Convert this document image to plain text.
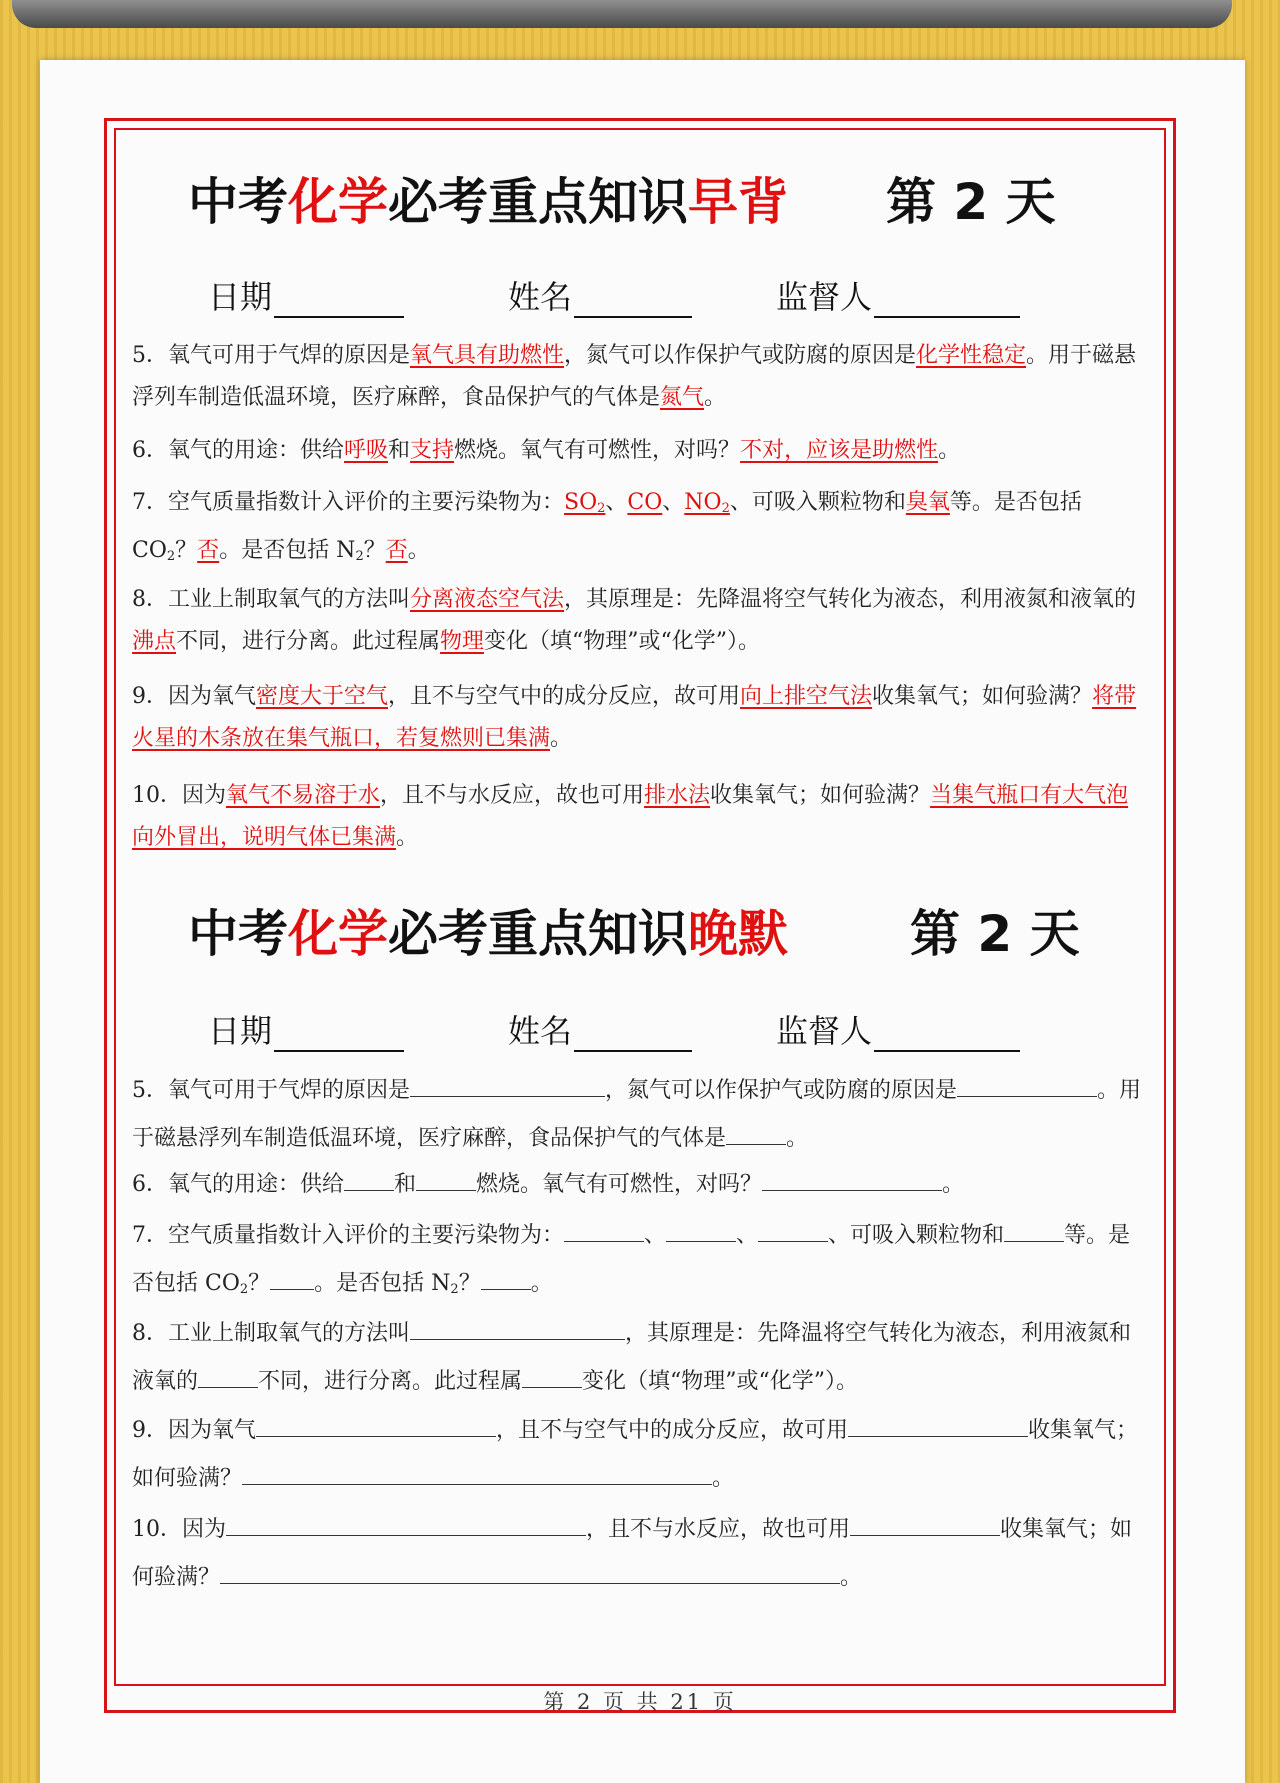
中考化学必考重点知识早背 第 2 天
日期	姓名	监督人
5．氧气可用于气焊的原因是氧气具有助燃性，氮气可以作保护气或防腐的原因是化学性稳定。用于磁悬浮列车制造低温环境，医疗麻醉，食品保护气的气体是氮气。
6．氧气的用途：供给呼吸和支持燃烧。氧气有可燃性，对吗？不对，应该是助燃性。
7．空气质量指数计入评价的主要污染物为：$SO_2$、CO、$NO_2$、可吸入颗粒物和臭氧等。是否包括 $CO_2$？否。是否包括 $N_2$？否。
8．工业上制取氧气的方法叫分离液态空气法，其原理是：先降温将空气转化为液态，利用液氮和液氧的沸点不同，进行分离。此过程属物理变化（填“物理”或“化学”）。
9．因为氧气密度大于空气，且不与空气中的成分反应，故可用向上排空气法收集氧气；如何验满？将带火星的木条放在集气瓶口，若复燃则已集满。
10．因为氧气不易溶于水，且不与水反应，故也可用排水法收集氧气；如何验满？当集气瓶口有大气泡向外冒出，说明气体已集满。
中考化学必考重点知识晚默 第 2 天
日期	姓名	监督人
5．氧气可用于气焊的原因是	，氮气可以作保护气或防腐的原因是	。用于磁悬浮列车制造低温环境，医疗麻醉，食品保护气的气体是	。
6．氧气的用途：供给 和	燃烧。氧气有可燃性，对吗？	。
7．空气质量指数计入评价的主要污染物为：	、	、	、可吸入颗粒物和	等。是否包括 $CO_2$？ 。是否包括 $N_2$？ 。
8．工业上制取氧气的方法叫	，其原理是：先降温将空气转化为液态，利用液氮和液氧的	不同，进行分离。此过程属	变化（填“物理”或“化学”）。
9．因为氧气	，且不与空气中的成分反应，故可用	收集氧气；如何验满？	。
10．因为	，且不与水反应，故也可用	收集氧气；如何验满？	。
第 2 页 共 21 页
